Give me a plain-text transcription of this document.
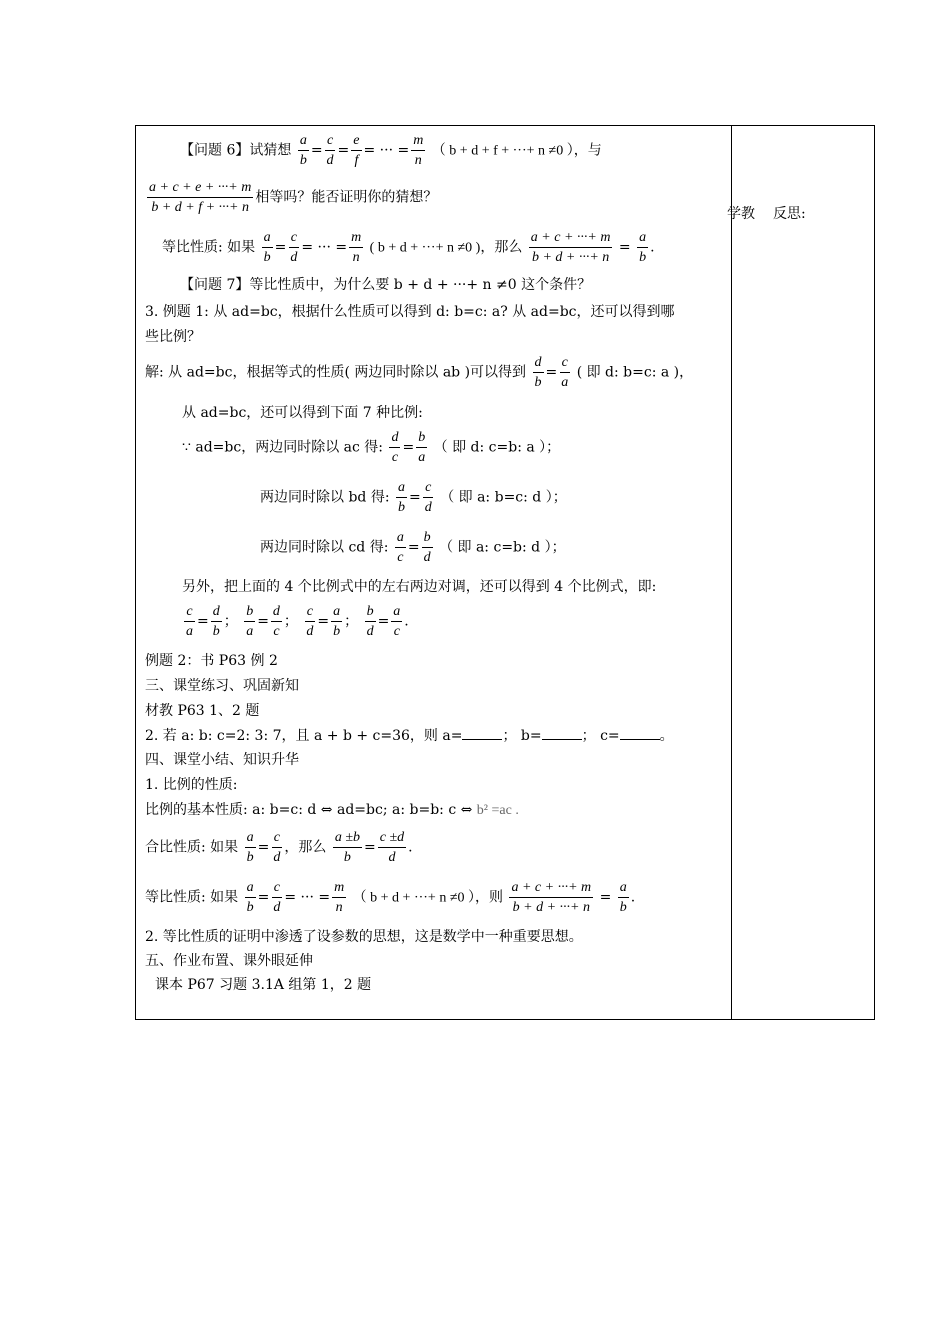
学教 反思:
【问题 6】试猜想 $\frac{a}{b} = \frac{c}{d} = \frac{e}{f}$ = ··· = $\frac{m}{n}$ （ b + d + f + ···+ n ≠0 ），与
$\frac{a + c + e + \cdot\cdot\cdot+ m}{b + d + f + \cdot\cdot\cdot+ n}$ 相等吗？能否证明你的猜想？
等比性质: 如果 $\frac{a}{b} = \frac{c}{d}$ = ··· = $\frac{m}{n}$ ( b + d + ···+ n ≠0 )，那么 $\frac{a + c + \cdot\cdot\cdot+ m}{b + d + \cdot\cdot\cdot+ n} = \frac{a}{b}$ .
【问题 7】等比性质中，为什么要 b + d + ···+ n ≠0 这个条件？
3. 例题 1: 从 ad=bc，根据什么性质可以得到 d: b=c: a? 从 ad=bc，还可以得到哪
些比例？
解: 从 ad=bc，根据等式的性质( 两边同时除以 ab )可以得到 $\frac{d}{b} = \frac{c}{a}$ ( 即 d: b=c: a )，
从 ad=bc，还可以得到下面 7 种比例:
∵ ad=bc，两边同时除以 ac 得: $\frac{d}{c} = \frac{b}{a}$ （ 即 d: c=b: a ）；
两边同时除以 bd 得: $\frac{a}{b} = \frac{c}{d}$ （ 即 a: b=c: d ）；
两边同时除以 cd 得: $\frac{a}{c} = \frac{b}{d}$ （ 即 a: c=b: d ）；
另外，把上面的 4 个比例式中的左右两边对调，还可以得到 4 个比例式，即:
$\frac{c}{a} = \frac{d}{b}$ ； $\frac{b}{a} = \frac{d}{c}$ ； $\frac{c}{d} = \frac{a}{b}$ ； $\frac{b}{d} = \frac{a}{c}$ .
例题 2：书 P63 例 2
三、课堂练习、巩固新知
材教 P63 1、2 题
2. 若 a: b: c=2: 3: 7，且 a + b + c=36，则 a=	； b=	； c=	。
四、课堂小结、知识升华
1. 比例的性质:
比例的基本性质: a: b=c: d ⇔ ad=bc; a: b=b: c ⇔ b² =ac .
合比性质: 如果 $\frac{a}{b} = \frac{c}{d}$ ，那么 $\frac{a \pm b}{b} = \frac{c \pm d}{d}$ .
等比性质: 如果 $\frac{a}{b} = \frac{c}{d}$ = ··· = $\frac{m}{n}$ （ b + d + ···+ n ≠0 ），则 $\frac{a + c + \cdot\cdot\cdot+ m}{b + d + \cdot\cdot\cdot+ n} = \frac{a}{b}$ .
2. 等比性质的证明中渗透了设参数的思想，这是数学中一种重要思想。
五、作业布置、课外眼延伸
课本 P67 习题 3.1A 组第 1，2 题
